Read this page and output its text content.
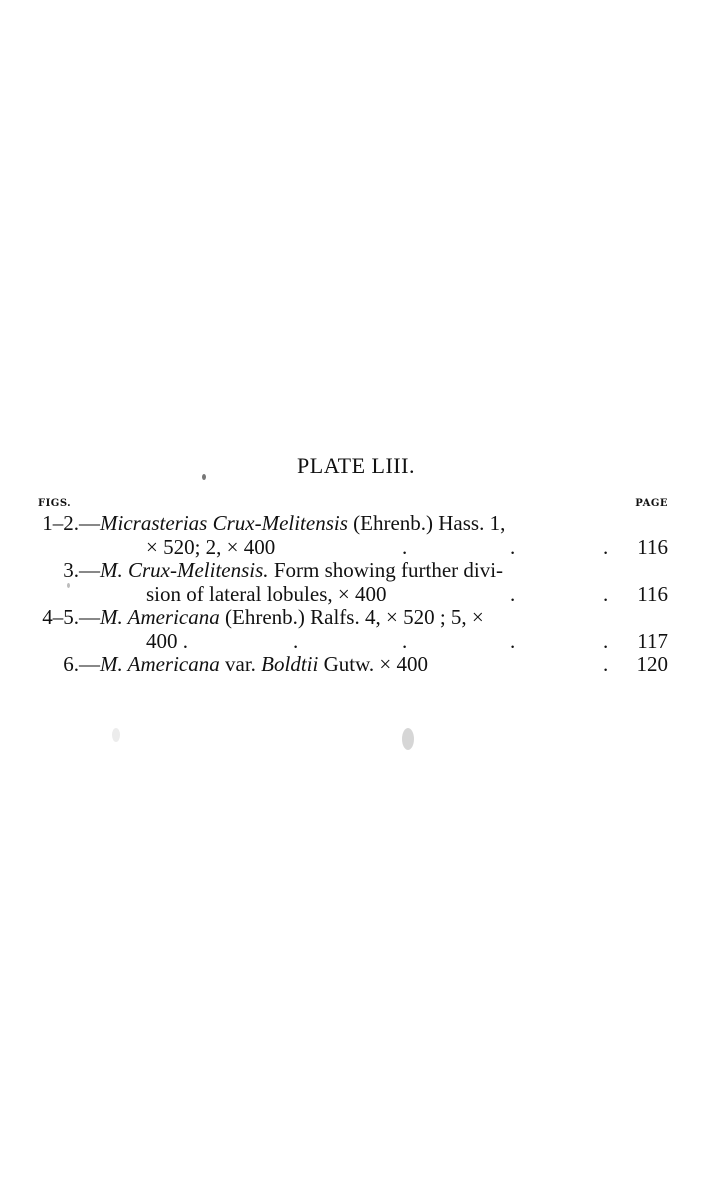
PLATE LIII.
FIGS.	PAGE
1–2.— Micrasterias Crux-Melitensis (Ehrenb.) Hass. 1,
× 520; 2, × 400	.	.	. 116
3.— M. Crux-Melitensis. Form showing further divi-
sion of lateral lobules, × 400	.	. 116
4–5.— M. Americana (Ehrenb.) Ralfs. 4, × 520 ; 5, ×
400 .	.	.	.	. 117
6.— M. Americana var. Boldtii Gutw. × 400	. 120
